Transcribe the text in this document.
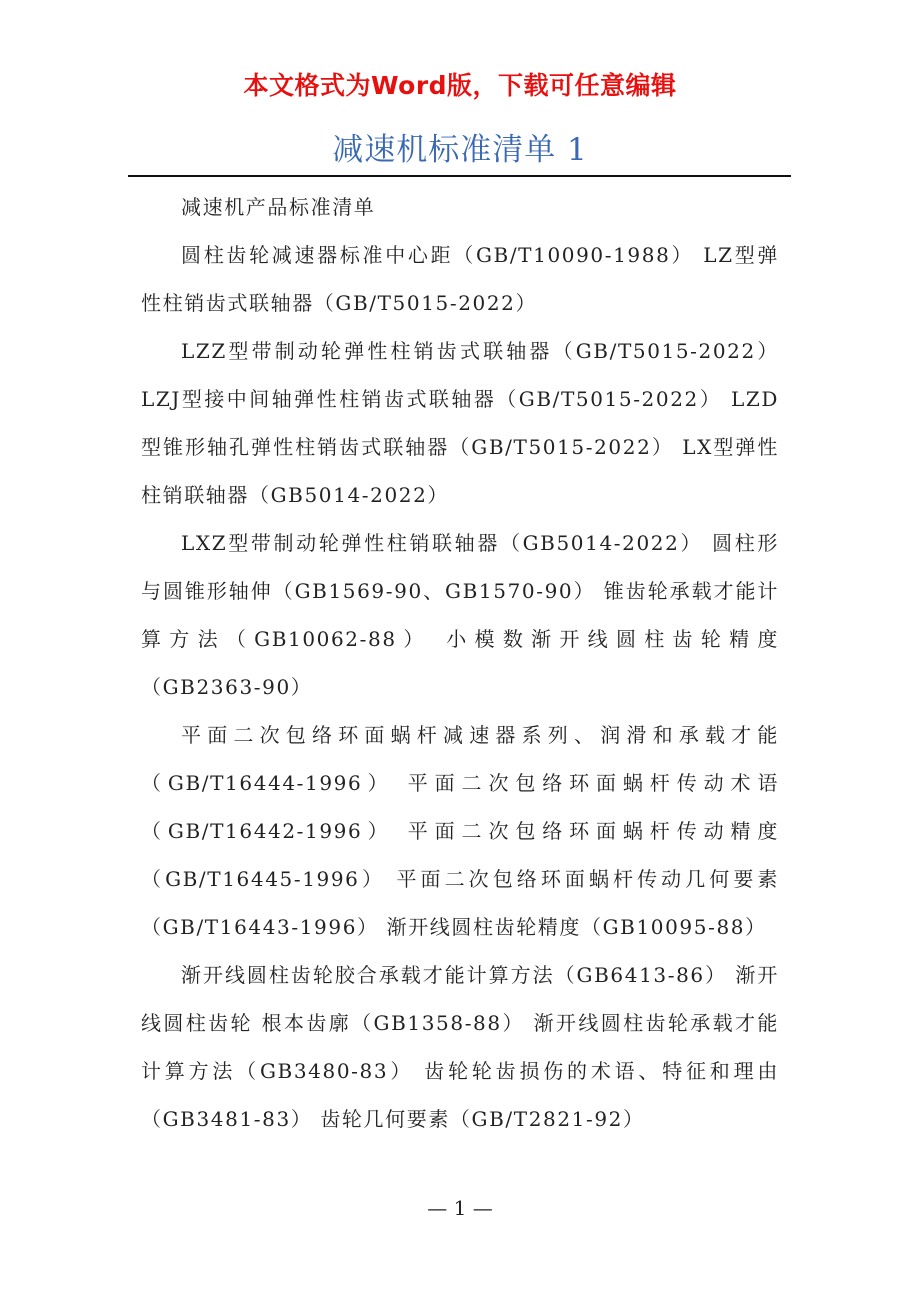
本文格式为Word版，下载可任意编辑
减速机标准清单 1

减速机产品标准清单

圆柱齿轮减速器标准中心距（GB/T10090-1988） LZ型弹性柱销齿式联轴器（GB/T5015-2022）

LZZ型带制动轮弹性柱销齿式联轴器（GB/T5015-2022） LZJ型接中间轴弹性柱销齿式联轴器（GB/T5015-2022） LZD型锥形轴孔弹性柱销齿式联轴器（GB/T5015-2022） LX型弹性柱销联轴器（GB5014-2022）

LXZ型带制动轮弹性柱销联轴器（GB5014-2022） 圆柱形与圆锥形轴伸（GB1569-90、GB1570-90） 锥齿轮承载才能计算方法（GB10062-88） 小模数渐开线圆柱齿轮精度（GB2363-90）

平面二次包络环面蜗杆减速器系列、润滑和承载才能（GB/T16444-1996） 平面二次包络环面蜗杆传动术语（GB/T16442-1996） 平面二次包络环面蜗杆传动精度（GB/T16445-1996） 平面二次包络环面蜗杆传动几何要素（GB/T16443-1996） 渐开线圆柱齿轮精度（GB10095-88）

渐开线圆柱齿轮胶合承载才能计算方法（GB6413-86） 渐开线圆柱齿轮 根本齿廓（GB1358-88） 渐开线圆柱齿轮承载才能计算方法（GB3480-83） 齿轮轮齿损伤的术语、特征和理由（GB3481-83） 齿轮几何要素（GB/T2821-92）

— 1 —
